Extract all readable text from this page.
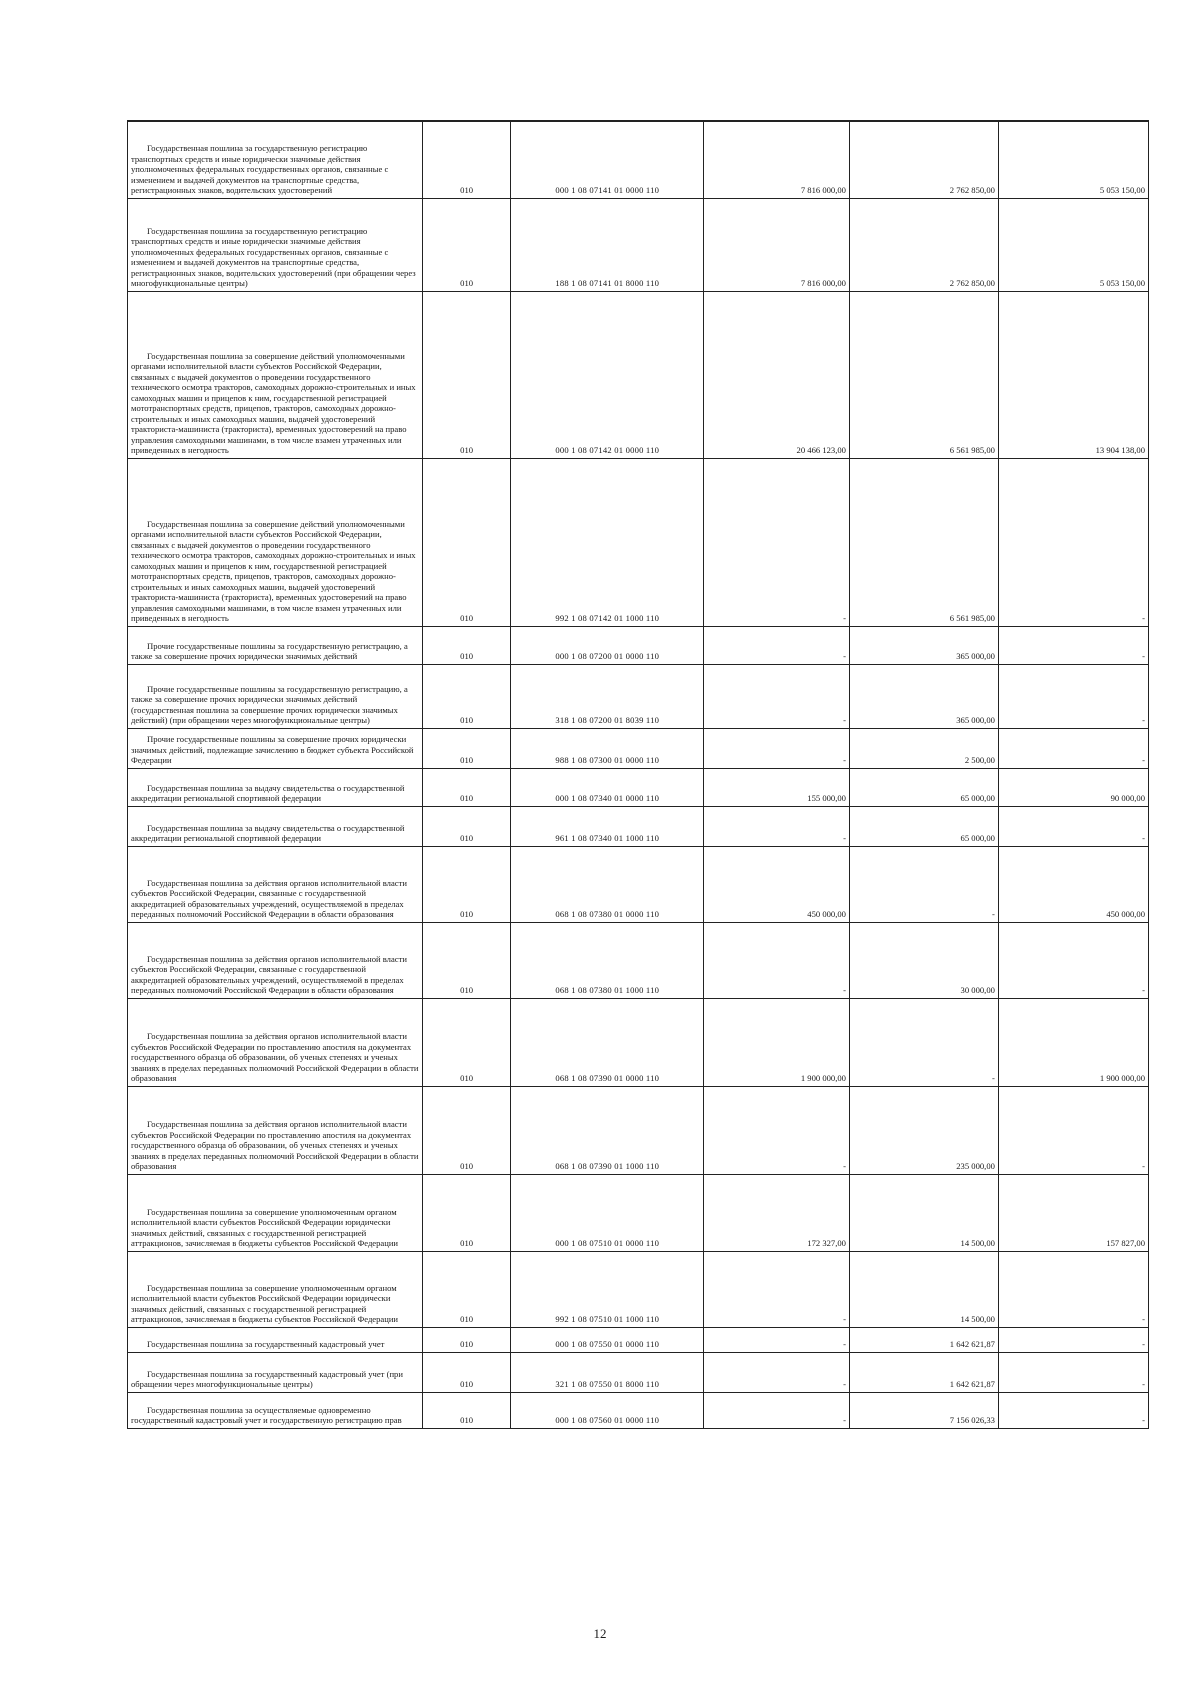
Государственная пошлина за государственную регистрацию транспортных средств и иные юридически значимые действия уполномоченных федеральных государственных органов, связанные с изменением и выдачей документов на транспортные средства, регистрационных знаков, водительских удостоверений	010	000 1 08 07141 01 0000 110	7 816 000,00	2 762 850,00	5 053 150,00

Государственная пошлина за государственную регистрацию транспортных средств и иные юридически значимые действия уполномоченных федеральных государственных органов, связанные с изменением и выдачей документов на транспортные средства, регистрационных знаков, водительских удостоверений (при обращении через многофункциональные центры)	010	188 1 08 07141 01 8000 110	7 816 000,00	2 762 850,00	5 053 150,00

Государственная пошлина за совершение действий уполномоченными органами исполнительной власти субъектов Российской Федерации, связанных с выдачей документов о проведении государственного технического осмотра тракторов, самоходных дорожно-строительных и иных самоходных машин и прицепов к ним, государственной регистрацией мототранспортных средств, прицепов, тракторов, самоходных дорожно-строительных и иных самоходных машин, выдачей удостоверений тракториста-машиниста (тракториста), временных удостоверений на право управления самоходными машинами, в том числе взамен утраченных или приведенных в негодность	010	000 1 08 07142 01 0000 110	20 466 123,00	6 561 985,00	13 904 138,00

Государственная пошлина за совершение действий уполномоченными органами исполнительной власти субъектов Российской Федерации, связанных с выдачей документов о проведении государственного технического осмотра тракторов, самоходных дорожно-строительных и иных самоходных машин и прицепов к ним, государственной регистрацией мототранспортных средств, прицепов, тракторов, самоходных дорожно-строительных и иных самоходных машин, выдачей удостоверений тракториста-машиниста (тракториста), временных удостоверений на право управления самоходными машинами, в том числе взамен утраченных или приведенных в негодность	010	992 1 08 07142 01 1000 110	-	6 561 985,00	-

Прочие государственные пошлины за государственную регистрацию, а также за совершение прочих юридически значимых действий	010	000 1 08 07200 01 0000 110	-	365 000,00	-

Прочие государственные пошлины за государственную регистрацию, а также за совершение прочих юридически значимых действий (государственная пошлина за совершение прочих юридически значимых действий) (при обращении через многофункциональные центры)	010	318 1 08 07200 01 8039 110	-	365 000,00	-

Прочие государственные пошлины за совершение прочих юридически значимых действий, подлежащие зачислению в бюджет субъекта Российской Федерации	010	988 1 08 07300 01 0000 110	-	2 500,00	-

Государственная пошлина за выдачу свидетельства о государственной аккредитации региональной спортивной федерации	010	000 1 08 07340 01 0000 110	155 000,00	65 000,00	90 000,00

Государственная пошлина за выдачу свидетельства о государственной аккредитации региональной спортивной федерации	010	961 1 08 07340 01 1000 110	-	65 000,00	-

Государственная пошлина за действия органов исполнительной власти субъектов Российской Федерации, связанные с государственной аккредитацией образовательных учреждений, осуществляемой в пределах переданных полномочий Российской Федерации в области образования	010	068 1 08 07380 01 0000 110	450 000,00	-	450 000,00

Государственная пошлина за действия органов исполнительной власти субъектов Российской Федерации, связанные с государственной аккредитацией образовательных учреждений, осуществляемой в пределах переданных полномочий Российской Федерации в области образования	010	068 1 08 07380 01 1000 110	-	30 000,00	-

Государственная пошлина за действия органов исполнительной власти субъектов Российской Федерации по проставлению апостиля на документах государственного образца об образовании, об ученых степенях и ученых званиях в пределах переданных полномочий Российской Федерации в области образования	010	068 1 08 07390 01 0000 110	1 900 000,00	-	1 900 000,00

Государственная пошлина за действия органов исполнительной власти субъектов Российской Федерации по проставлению апостиля на документах государственного образца об образовании, об ученых степенях и ученых званиях в пределах переданных полномочий Российской Федерации в области образования	010	068 1 08 07390 01 1000 110	-	235 000,00	-

Государственная пошлина за совершение уполномоченным органом исполнительной власти субъектов Российской Федерации юридически значимых действий, связанных с государственной регистрацией аттракционов, зачисляемая в бюджеты субъектов Российской Федерации	010	000 1 08 07510 01 0000 110	172 327,00	14 500,00	157 827,00

Государственная пошлина за совершение уполномоченным органом исполнительной власти субъектов Российской Федерации юридически значимых действий, связанных с государственной регистрацией аттракционов, зачисляемая в бюджеты субъектов Российской Федерации	010	992 1 08 07510 01 1000 110	-	14 500,00	-

Государственная пошлина за государственный кадастровый учет	010	000 1 08 07550 01 0000 110	-	1 642 621,87	-

Государственная пошлина за государственный кадастровый учет (при обращении через многофункциональные центры)	010	321 1 08 07550 01 8000 110	-	1 642 621,87	-

Государственная пошлина за осуществляемые одновременно государственный кадастровый учет и государственную регистрацию прав	010	000 1 08 07560 01 0000 110	-	7 156 026,33	-
12
